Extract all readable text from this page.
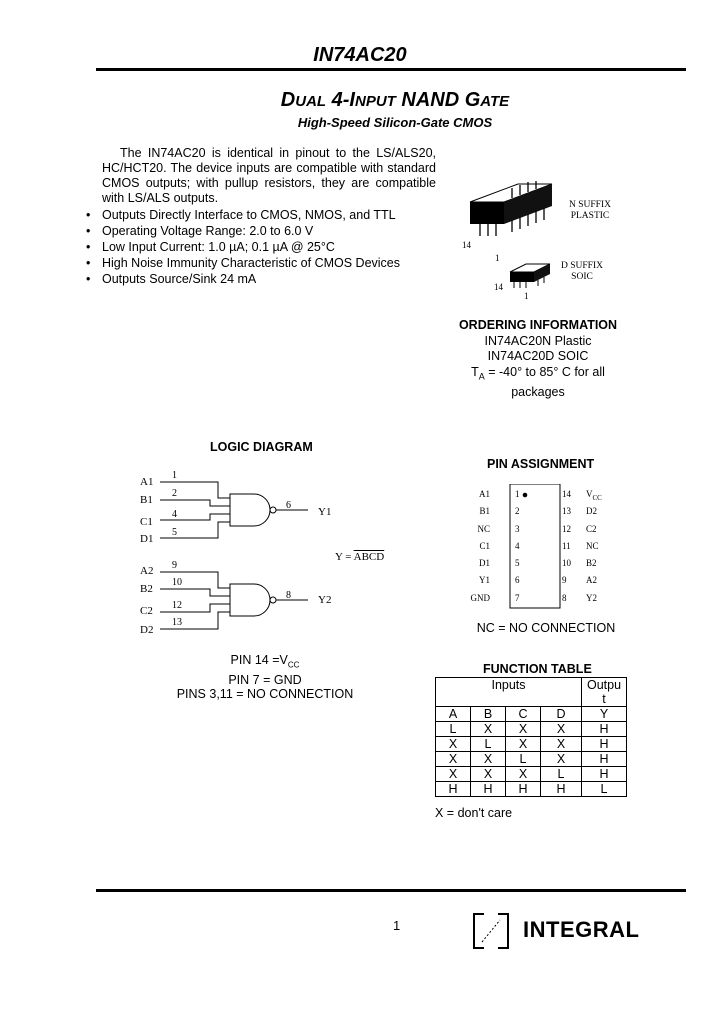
IN74AC20
DUAL 4-INPUT NAND GATE
High-Speed Silicon-Gate CMOS
The IN74AC20 is identical in pinout to the LS/ALS20, HC/HCT20. The device inputs are compatible with standard CMOS outputs; with pullup resistors, they are compatible with LS/ALS outputs.
• Outputs Directly Interface to CMOS, NMOS, and TTL
• Operating Voltage Range: 2.0 to 6.0 V
• Low Input Current: 1.0 µA; 0.1 µA @ 25°C
• High Noise Immunity Characteristic of CMOS Devices
• Outputs Source/Sink 24 mA
14
1
14
1
N SUFFIX
PLASTIC
D SUFFIX
SOIC
ORDERING INFORMATION
IN74AC20N Plastic
IN74AC20D SOIC
$T_A = -40^\circ$ to 85° C for all
packages
LOGIC DIAGRAM
A1
B1
C1
D1
A2
B2
C2
D2
1
2
4
5
9
10
12
13
6
8
Y1
Y2
Y = ABCD
PIN $14 =V_{CC}$
PIN 7 = GND
PINS 3,11 = NO CONNECTION
PIN ASSIGNMENT
A1	1	14 $V_{CC}$
B1	2	13 D2
NC	3	12 C2
C1	4	11 NC
D1	5	10 B2
Y1	6	9 A2
GND	7	8 Y2
NC = NO CONNECTION
FUNCTION TABLE
Inputs				Outpu
t

A	B	C	D	Y
L	X	X	X	H
X	L	X	X	H
X	X	L	X	H
X	X	X	L	H
H	H	H	H	L
X = don't care
1	INTEGRAL
